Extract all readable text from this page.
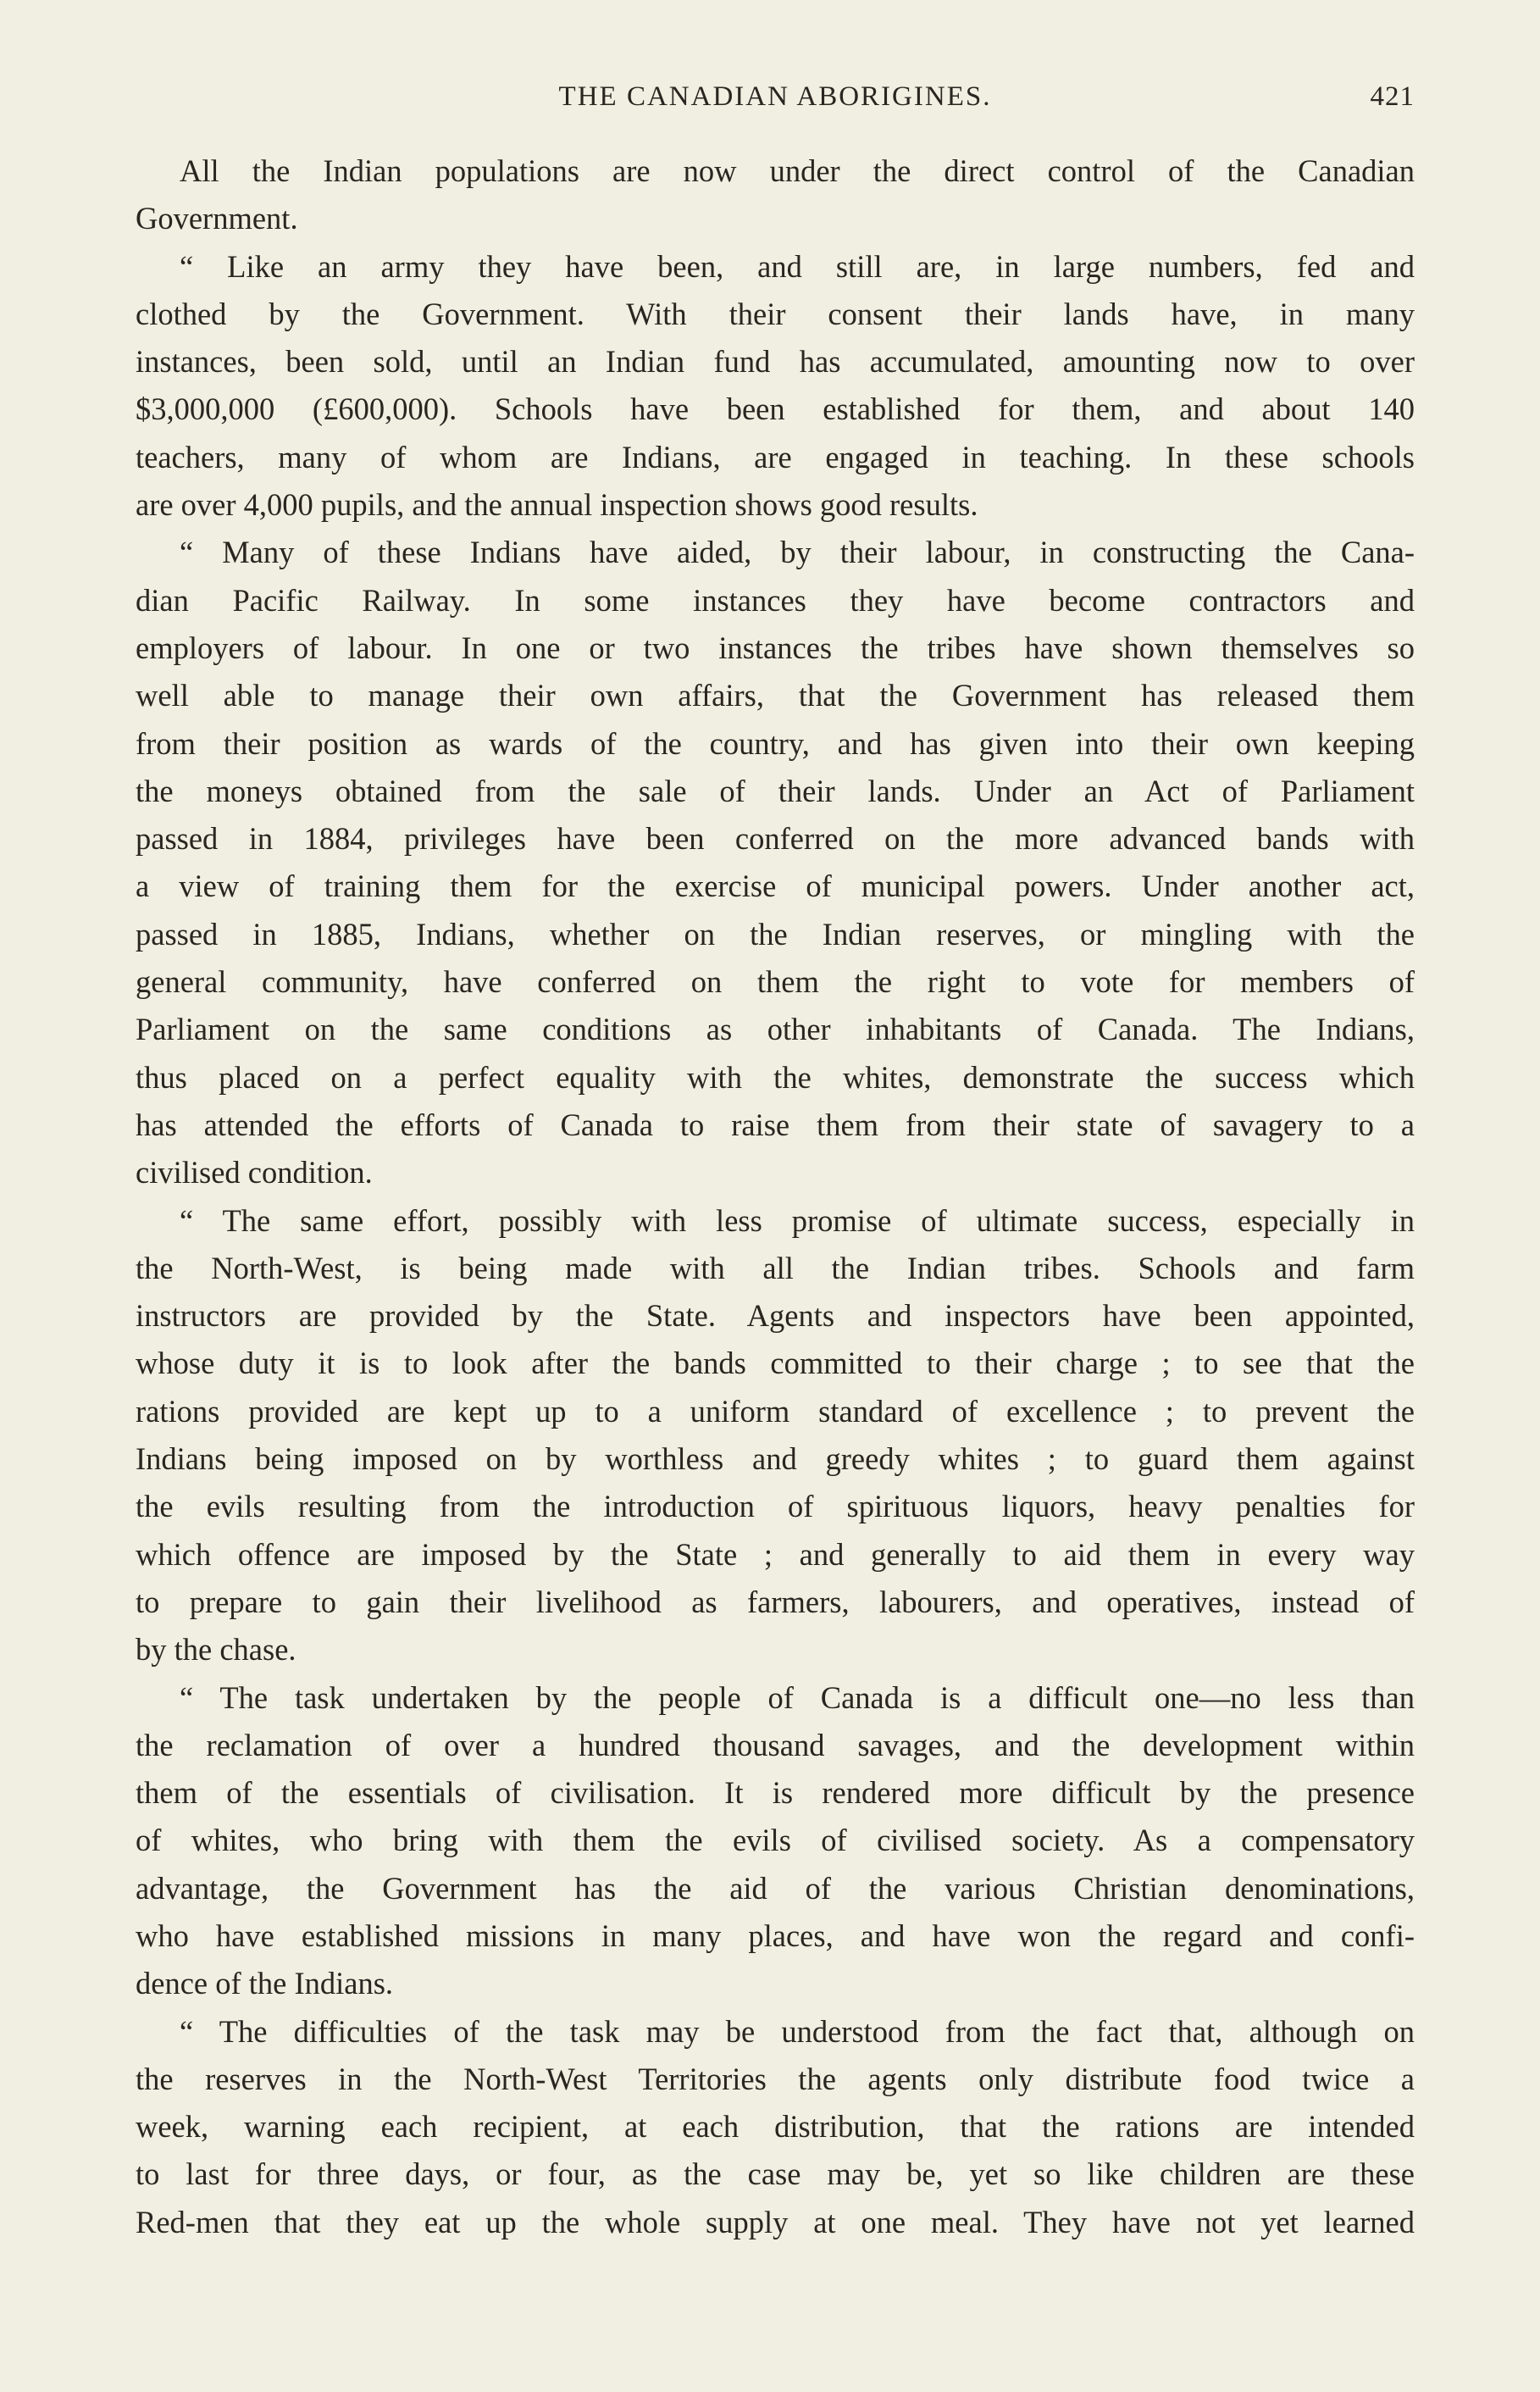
THE CANADIAN ABORIGINES.	421
All the Indian populations are now under the direct control of the Canadian
Government.
“ Like an army they have been, and still are, in large numbers, fed and
clothed by the Government. With their consent their lands have, in many
instances, been sold, until an Indian fund has accumulated, amounting now to over
$3,000,000 (£600,000). Schools have been established for them, and about 140
teachers, many of whom are Indians, are engaged in teaching. In these schools
are over 4,000 pupils, and the annual inspection shows good results.
“ Many of these Indians have aided, by their labour, in constructing the Cana-
dian Pacific Railway. In some instances they have become contractors and
employers of labour. In one or two instances the tribes have shown themselves so
well able to manage their own affairs, that the Government has released them
from their position as wards of the country, and has given into their own keeping
the moneys obtained from the sale of their lands. Under an Act of Parliament
passed in 1884, privileges have been conferred on the more advanced bands with
a view of training them for the exercise of municipal powers. Under another act,
passed in 1885, Indians, whether on the Indian reserves, or mingling with the
general community, have conferred on them the right to vote for members of
Parliament on the same conditions as other inhabitants of Canada. The Indians,
thus placed on a perfect equality with the whites, demonstrate the success which
has attended the efforts of Canada to raise them from their state of savagery to a
civilised condition.
“ The same effort, possibly with less promise of ultimate success, especially in
the North-West, is being made with all the Indian tribes. Schools and farm
instructors are provided by the State. Agents and inspectors have been appointed,
whose duty it is to look after the bands committed to their charge ; to see that the
rations provided are kept up to a uniform standard of excellence ; to prevent the
Indians being imposed on by worthless and greedy whites ; to guard them against
the evils resulting from the introduction of spirituous liquors, heavy penalties for
which offence are imposed by the State ; and generally to aid them in every way
to prepare to gain their livelihood as farmers, labourers, and operatives, instead of
by the chase.
“ The task undertaken by the people of Canada is a difficult one—no less than
the reclamation of over a hundred thousand savages, and the development within
them of the essentials of civilisation. It is rendered more difficult by the presence
of whites, who bring with them the evils of civilised society. As a compensatory
advantage, the Government has the aid of the various Christian denominations,
who have established missions in many places, and have won the regard and confi-
dence of the Indians.
“ The difficulties of the task may be understood from the fact that, although on
the reserves in the North-West Territories the agents only distribute food twice a
week, warning each recipient, at each distribution, that the rations are intended
to last for three days, or four, as the case may be, yet so like children are these
Red-men that they eat up the whole supply at one meal. They have not yet learned
